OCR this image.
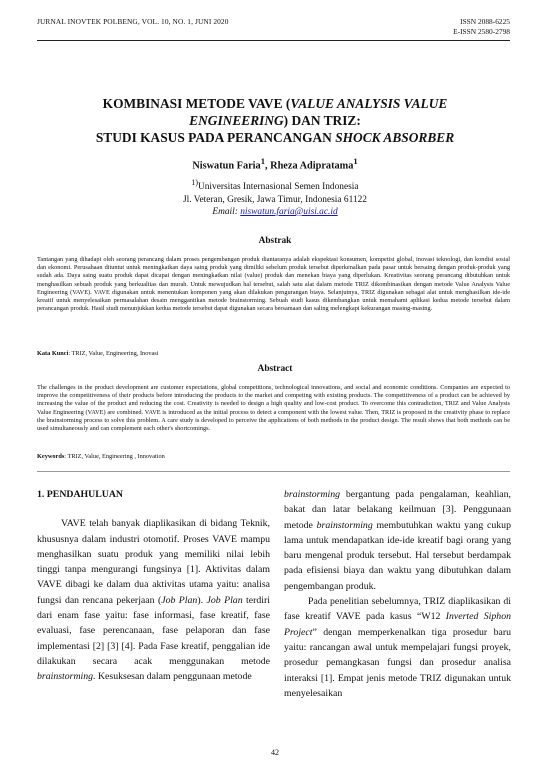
JURNAL INOVTEK POLBENG, VOL. 10, NO. 1, JUNI 2020	ISSN 2088-6225
E-ISSN 2580-2798
KOMBINASI METODE VAVE (VALUE ANALYSIS VALUE
ENGINEERING) DAN TRIZ:
STUDI KASUS PADA PERANCANGAN SHOCK ABSORBER
Niswatun Faria$^1$, Rheza Adipratama$^1$
$^{1)}$Universitas Internasional Semen Indonesia
Jl. Veteran, Gresik, Jawa Timur, Indonesia 61122
Email: niswatun.faria@uisi.ac.id
Abstrak
Tantangan yang dihadapi oleh seorang perancang dalam proses pengembangan produk diantaranya adalah ekspektasi konsumen, kompetisi global, inovasi teknologi, dan kondisi sosial dan ekonomi. Perusahaan dituntut untuk meningkatkan daya saing produk yang dimiliki sebelum produk tersebut diperkenalkan pada pasar untuk bersaing dengan produk-produk yang sudah ada. Daya saing suatu produk dapat dicapai dengan meningkatkan nilai (value) produk dan menekan biaya yang diperlukan. Kreativitas seorang perancang dibutuhkan untuk menghasilkan sebuah produk yang berkualitas dan murah. Untuk mewujudkan hal tersebut, salah satu alat dalam metode TRIZ dikombinasikan dengan metode Value Analysis Value Engineering (VAVE). VAVE digunakan untuk menentukan komponen yang akan dilakukan pengurangan biaya. Selanjutnya, TRIZ digunakan sebagai alat untuk menghasilkan ide-ide kreatif untuk menyelesaikan permasalahan desain menggantikan metode brainstorming. Sebuah studi kasus dikembangkan untuk memahami aplikasi kedua metode tersebut dalam perancangan produk. Hasil studi menunjukkan kedua metode tersebut dapat digunakan secara bersamaan dan saling melengkapi kekurangan masing-masing.
Kata Kunci: TRIZ, Value, Engineering, Inovasi
Abstract
The challenges in the product development are customer expectations, global competitions, technological innovations, and social and economic conditions. Companies are expected to improve the competitiveness of their products before introducing the products to the market and competing with existing products. The competitiveness of a product can be achieved by increasing the value of the product and reducing the cost. Creativity is needed to design a high quality and low-cost product. To overcome this contradiction, TRIZ and Value Analysis Value Engineering (VAVE) are combined. VAVE is introduced as the initial process to detect a component with the lowest value. Then, TRIZ is proposed in the creativity phase to replace the brainstorming process to solve this problem. A care study is developed to perceive the applications of both methods in the product design. The result shows that both methods can be used simultaneously and can complement each other's shortcomings.
Keywords: TRIZ, Value, Engineering , Innovation
1. PENDAHULUAN

VAVE telah banyak diaplikasikan di bidang Teknik, khususnya dalam industri otomotif. Proses VAVE mampu menghasilkan suatu produk yang memiliki nilai lebih tinggi tanpa mengurangi fungsinya [1]. Aktivitas dalam VAVE dibagi ke dalam dua aktivitas utama yaitu: analisa fungsi dan rencana pekerjaan (Job Plan). Job Plan terdiri dari enam fase yaitu: fase informasi, fase kreatif, fase evaluasi, fase perencanaan, fase pelaporan dan fase implementasi [2] [3] [4]. Pada Fase kreatif, penggalian ide dilakukan secara acak menggunakan metode brainstorming. Kesuksesan dalam penggunaan metode

brainstorming bergantung pada pengalaman, keahlian, bakat dan latar belakang keilmuan [3]. Penggunaan metode brainstorming membutuhkan waktu yang cukup lama untuk mendapatkan ide-ide kreatif bagi orang yang baru mengenal produk tersebut. Hal tersebut berdampak pada efisiensi biaya dan waktu yang dibutuhkan dalam pengembangan produk.

Pada penelitian sebelumnya, TRIZ diaplikasikan di fase kreatif VAVE pada kasus “W12 Inverted Siphon Project” dengan memperkenalkan tiga prosedur baru yaitu: rancangan awal untuk mempelajari fungsi proyek, prosedur pemangkasan fungsi dan prosedur analisa interaksi [1]. Empat jenis metode TRIZ digunakan untuk menyelesaikan

42
